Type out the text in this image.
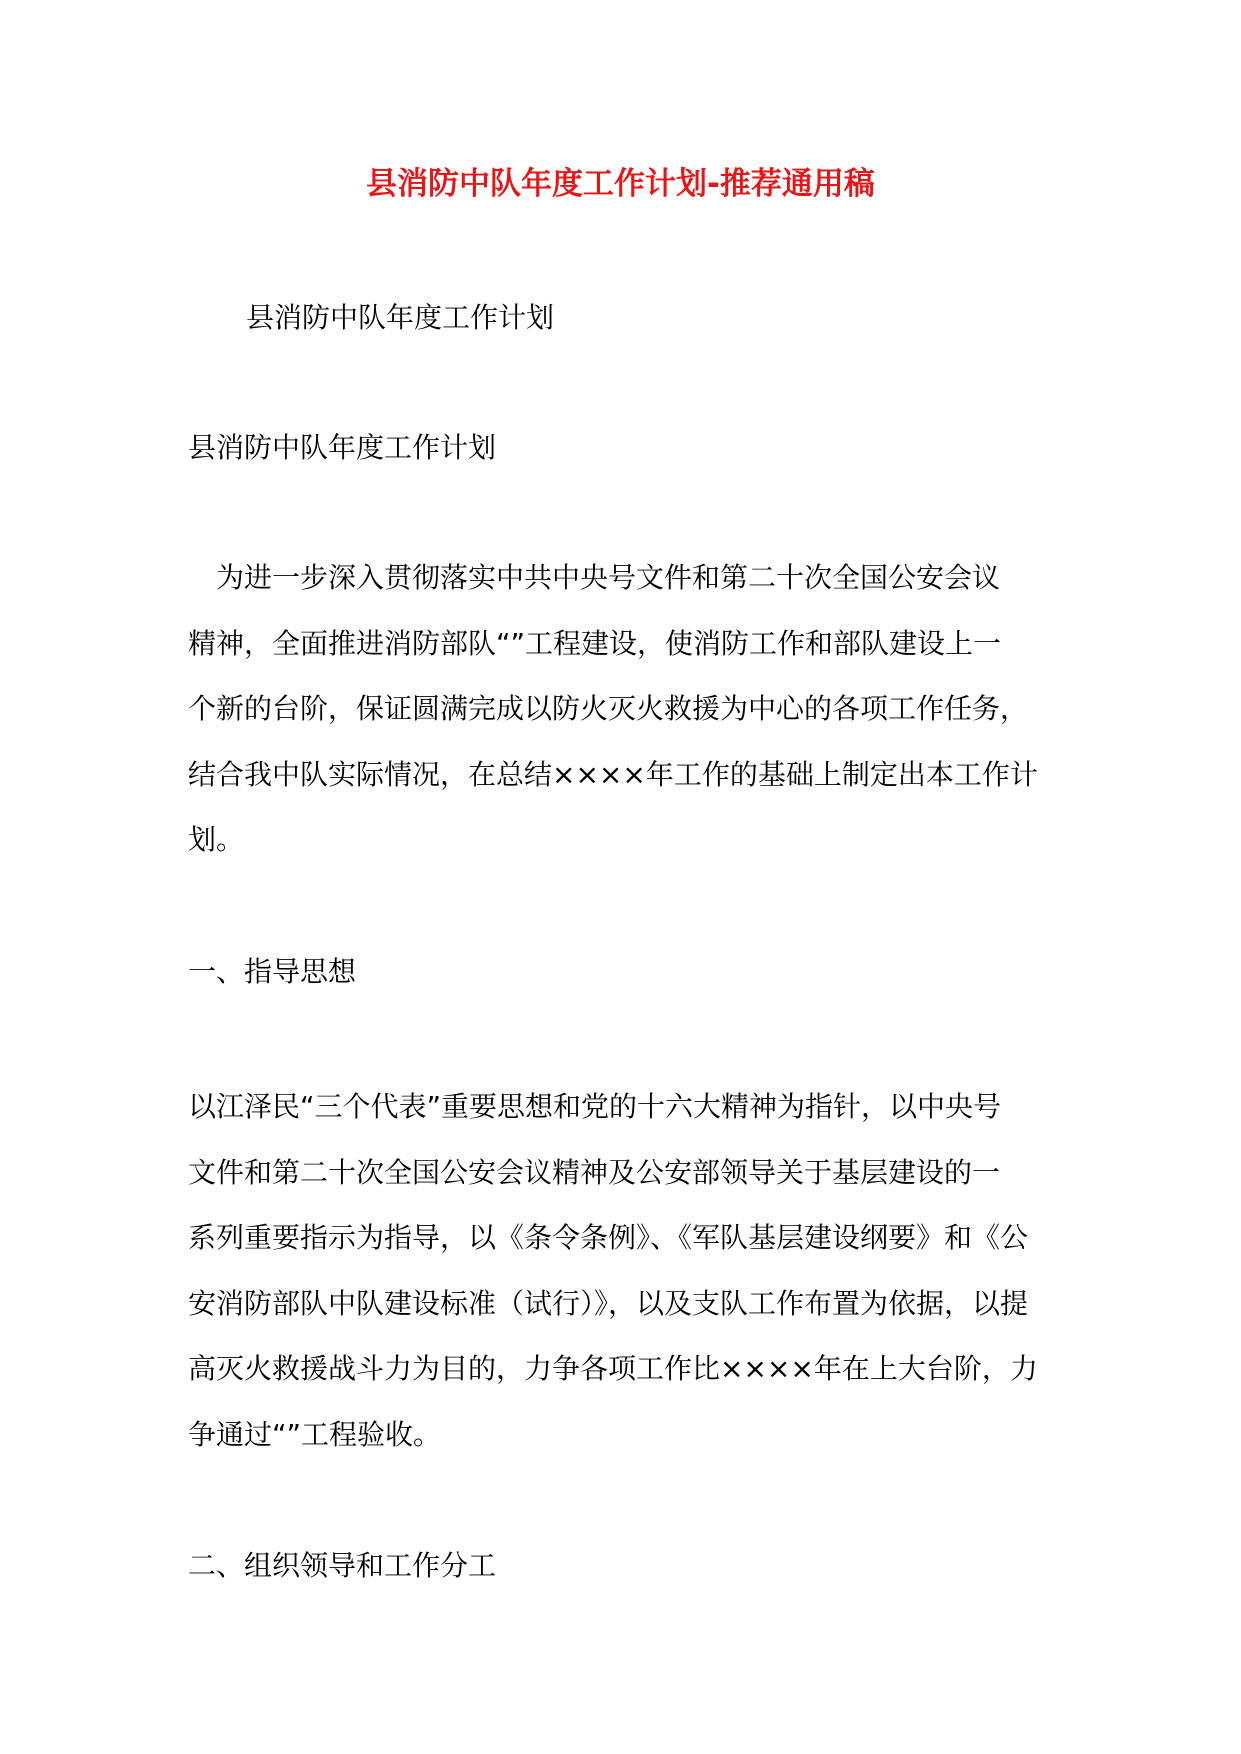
县消防中队年度工作计划-推荐通用稿
县消防中队年度工作计划
县消防中队年度工作计划

为进一步深入贯彻落实中共中央号文件和第二十次全国公安会议

精神，全面推进消防部队“”工程建设，使消防工作和部队建设上一

个新的台阶，保证圆满完成以防火灭火救援为中心的各项工作任务，

结合我中队实际情况，在总结××××年工作的基础上制定出本工作计

划。

一、指导思想

以江泽民“三个代表”重要思想和党的十六大精神为指针，以中央号

文件和第二十次全国公安会议精神及公安部领导关于基层建设的一

系列重要指示为指导，以《条令条例》、《军队基层建设纲要》和《公

安消防部队中队建设标准（试行）》，以及支队工作布置为依据，以提

高灭火救援战斗力为目的，力争各项工作比××××年在上大台阶，力

争通过“”工程验收。

二、组织领导和工作分工
